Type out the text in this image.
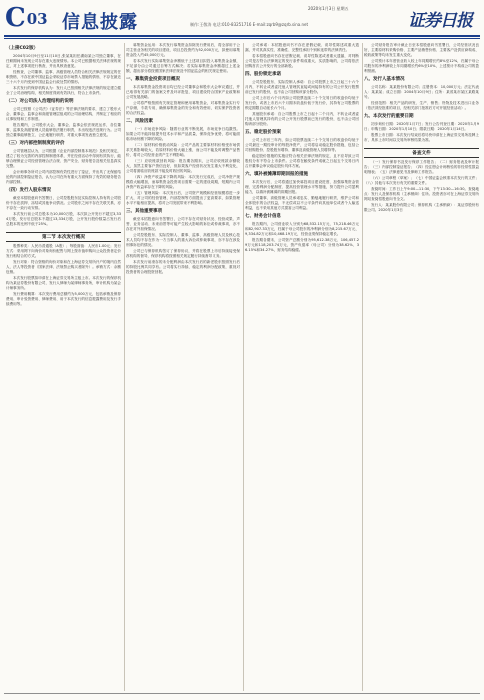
C03 信息披露
2020年1月3日 星期五
制作:王敬涛 电话:010-83251716 E-mail:zqrb9@zqrb.sina.net	证券日报
（上接C02版）
2004年10月9日至11月10日,张某某担任湖南某公司独立董事，在任职期间未发现公司存在重大违规情形。本公司已根据相关法律法规的规定，对上述事项进行核查，并出具核查意见。
经核查，公司董事、监事、高级管理人员符合相关法律法规规定的任职资格，不存在被中国证监会采取证券市场禁入措施的情形，不存在最近三十六个月内受到中国证监会行政处罚的情形。
本次发行的保荐机构认为：发行人已按照相关法律法规的规定建立健全了公司治理结构，相关制度得到有效执行，符合上市条件。
（二）对公司法人治理结构的说明
公司已按照《公司法》《证券法》等法律法规的要求，建立了股东大会、董事会、监事会和高级管理层组成的公司治理结构，并制定了相应的议事规则和工作制度。
报告期内，公司股东大会、董事会、监事会依法规范运作，各位董事、监事及高级管理人员能够依法履行职责，未出现违法违规行为。公司独立董事能够独立、公正地履行职责，对重大事项发表独立意见。
（三）对内部控制制度的评价
公司管理层认为，公司根据《企业内部控制基本规范》及相关规定，建立了较为完善的内部控制制度体系，并在经营活动中得到有效执行，能够合理保证公司经营管理合法合规、资产安全、财务报告及相关信息真实完整。
会计师事务所对公司内部控制有效性进行了鉴证，并出具了无保留结论的内部控制鉴证报告，认为公司在所有重大方面保持了有效的财务报告内部控制。
（四）发行人股东情况
截至本招股意向书签署日，公司控股股东及实际控制人持有的公司股份不存在质押、冻结或其他争议情况。公司股东之间不存在关联关系，亦不存在一致行动安排。
本次发行前公司总股本为10,000万股，本次拟公开发行不超过3,334万股，发行后总股本不超过13,334万股，公开发行股份数量占发行后总股本的比例不低于25%。
第二节 本次发行概况
股票种类：人民币普通股（A股）；每股面值：人民币1.00元；发行方式：采用网下向询价对象询价配售与网上按市值申购向公众投资者定价发行相结合的方式。
发行对象：符合资格的询价对象和在上海证券交易所开户的境内自然人、法人等投资者（国家法律、法规禁止购买者除外）。承销方式：余额包销。
本次发行股票拟申请在上海证券交易所主板上市。本次发行的保荐机构为某证券股份有限公司，发行人律师为某律师事务所，审计机构为某会计师事务所。
发行费用概算：本次发行费用总额约为5,000万元，包括承销及保荐费用、审计验资费用、律师费用、用于本次发行的信息披露费用及发行手续费用等。
募集资金运用：本次发行募集资金扣除发行费用后，将全部用于公司主营业务相关的项目建设，项目总投资约为52,000万元，拟使用募集资金投入约45,000万元。
若本次发行实际募集资金净额低于上述项目拟投入募集资金金额，不足部分由公司通过自筹方式解决；若实际募集资金净额超过上述金额，超出部分将按照国家法律法规及中国证监会的相关规定使用。
一、募集资金投资项目概况
本次募集资金投资项目均已经公司董事会和股东大会审议通过，并已取得有关部门的备案文件及环评批复，项目建设符合国家产业政策和公司发展战略。
公司将严格按照有关规定管理和使用募集资金，对募集资金实行专户存储，专款专用，确保募集资金的安全和有效使用，切实保护投资者的合法权益。
二、风险因素
（一）市场竞争风险：随着行业的不断发展，市场竞争日趋激烈。如果公司不能持续提升技术水平和产品质量，保持竞争优势，将可能面临市场份额下降的风险。
（二）原材料价格波动风险：公司产品的主要原材料价格受市场供求关系影响较大，若原材料价格大幅上涨，而公司不能及时调整产品售价，将对公司经营业绩产生不利影响。
（三）应收账款回收风险：报告期各期末，公司应收账款余额较大，虽然主要客户资信良好，但如果客户经营状况发生重大不利变化，公司将面临应收账款不能及时收回的风险。
（四）净资产收益率下降的风险：本次发行完成后，公司净资产规模将大幅增加，而募集资金投资项目需要一定的建设周期，短期内公司净资产收益率存在下降的风险。
（五）管理风险：本次发行后，公司资产规模和经营规模将进一步扩大，对公司的经营管理、内部控制等方面提出了更高要求，如果管理水平不能相应提高，将对公司发展带来不利影响。
三、其他重要事项
截至本招股意向书签署日，公司不存在对财务状况、经营成果、声誉、业务活动、未来前景等可能产生较大影响的诉讼或仲裁事项，亦不存在对外担保情况。
公司控股股东、实际控制人、董事、监事、高级管理人员及核心技术人员均不存在作为一方当事人的重大诉讼或仲裁事项，亦不存在涉及刑事诉讼的情况。
公司已与保荐机构签订了保荐协议，并将在股票上市后持续接受保荐机构的督导，保荐机构将按照相关规定履行持续督导义务。
本次发行前滚存的未分配利润由本次发行后的新老股东按照发行后的持股比例共同享有。公司将实行持续、稳定的利润分配政策，重视对投资者的合理投资回报。
公司承诺：本招股意向书不存在虚假记载、误导性陈述或重大遗漏，并对其真实性、准确性、完整性承担个别和连带的法律责任。
若本招股意向书存在虚假记载、误导性陈述或者重大遗漏，对判断公司是否符合法律规定的发行条件构成重大、实质影响的，公司将依法回购首次公开发行的全部新股。
四、股份锁定承诺
公司控股股东、实际控制人承诺：自公司股票上市之日起三十六个月内，不转让或者委托他人管理其直接或间接持有的公司公开发行股票前已发行的股份，也不由公司回购该部分股份。
公司上市后六个月内如公司股票连续二十个交易日的收盘价均低于发行价，或者上市后六个月期末收盘价低于发行价，其持有公司股票的锁定期限自动延长六个月。
其他股东承诺：自公司股票上市之日起十二个月内，不转让或者委托他人管理其持有的公司公开发行股票前已发行的股份，也不由公司回购该部分股份。
五、稳定股价预案
公司上市后三年内，如公司股票连续二十个交易日的收盘价均低于公司最近一期经审计的每股净资产，公司将启动稳定股价措施，包括公司回购股份、控股股东增持、董事及高级管理人员增持等。
稳定股价措施的实施应符合相关法律法规的规定，且不应导致公司股权分布不符合上市条件。公司将在触发条件成就之日起五个交易日内召开董事会审议稳定股价具体方案。
六、填补被摊薄即期回报的措施
本次发行后，公司将通过加快募投项目建设进度、加强募集资金管理、完善利润分配制度、提高经营管理水平等措施，努力提升公司盈利能力，以填补被摊薄的即期回报。
公司董事、高级管理人员承诺忠实、勤勉地履行职责，维护公司和全体股东的合法权益，不无偿或以不公平条件向其他单位或者个人输送利益，也不采用其他方式损害公司利益。
七、财务会计信息
报告期内，公司营业收入分别为68,532.15万元、75,218.46万元和82,907.33万元，归属于母公司股东的净利润分别为8,215.67万元、9,334.82万元和10,468.19万元，经营业绩保持稳定增长。
报告期各期末，公司资产总额分别为95,612.38万元、106,457.29万元和118,203.74万元，资产负债率（母公司）分别为38.62%、36.15%和34.27%，财务结构稳健。
公司财务报告审计截止日至本招股意向书签署日，公司经营状况良好，主要原材料采购价格、主要产品销售价格、主要客户及供应商构成、税收政策等均未发生重大变化。
公司预计本年度营业收入较上年同期增长约8%至12%，归属于母公司股东的净利润较上年同期增长约6%至10%，上述预计不构成公司的盈利预测。
八、发行人基本情况
公司名称：某某股份有限公司；注册资本：10,000万元；法定代表人：某某某；成立日期：2004年10月9日；住所：某省某市某区某路某号。
经营范围：相关产品的研发、生产、销售；货物及技术进出口业务（依法须经批准的项目，经相关部门批准后方可开展经营活动）。
九、本次发行的重要日期
初步询价日期：2020年1月7日；发行公告刊登日期：2020年1月9日；申购日期：2020年1月10日；缴款日期：2020年1月14日。
股票上市日期：本次发行结束后将尽快申请在上海证券交易所挂牌上市，具体上市时间以交易所审核结果为准。
备查文件
（一）发行保荐书及发行保荐工作报告；（二）财务报表及审计报告；（三）内部控制鉴证报告；（四）经注册会计师核验的非经常性损益明细表；（五）法律意见书及律师工作报告。
（六）公司章程（草案）；（七）中国证监会核准本次发行的文件；（八）其他与本次发行有关的重要文件。
查阅时间：工作日上午9:00—11:30，下午13:30—16:30。查阅地点：发行人及保荐机构（主承销商）住所。投资者亦可在上海证券交易所网站查阅招股意向书全文。
发行人：某某股份有限公司；保荐机构（主承销商）：某证券股份有限公司。2020年1月3日
